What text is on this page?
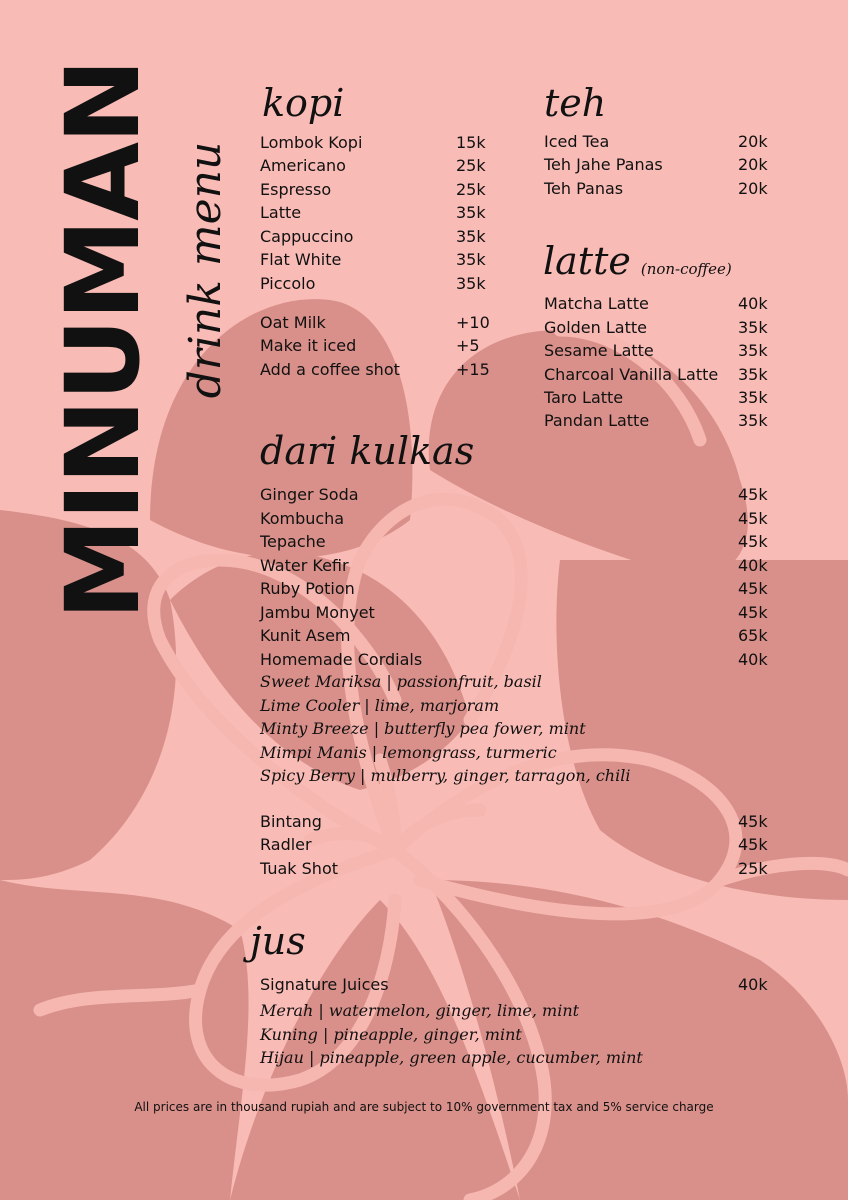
MINUMAN drink menu
kopi
Lombok Kopi	15k
Americano	25k
Espresso	25k
Latte	35k
Cappuccino	35k
Flat White	35k
Piccolo	35k
Oat Milk	+10
Make it iced	+5
Add a coffee shot	+15
teh
Iced Tea	20k
Teh Jahe Panas	20k
Teh Panas	20k
latte (non-coffee)
Matcha Latte	40k
Golden Latte	35k
Sesame Latte	35k
Charcoal Vanilla Latte 35k
Taro Latte	35k
Pandan Latte	35k
dari kulkas
Ginger Soda	45k
Kombucha	45k
Tepache	45k
Water Kefir	40k
Ruby Potion	45k
Jambu Monyet	45k
Kunit Asem	65k
Homemade Cordials	40k
Sweet Mariksa | passionfruit, basil
Lime Cooler | lime, marjoram
Minty Breeze | butterfly pea fower, mint
Mimpi Manis | lemongrass, turmeric
Spicy Berry | mulberry, ginger, tarragon, chili
Bintang	45k
Radler	45k
Tuak Shot	25k
jus
Signature Juices	40k
Merah | watermelon, ginger, lime, mint
Kuning | pineapple, ginger, mint
Hijau | pineapple, green apple, cucumber, mint
All prices are in thousand rupiah and are subject to 10% government tax and 5% service charge
